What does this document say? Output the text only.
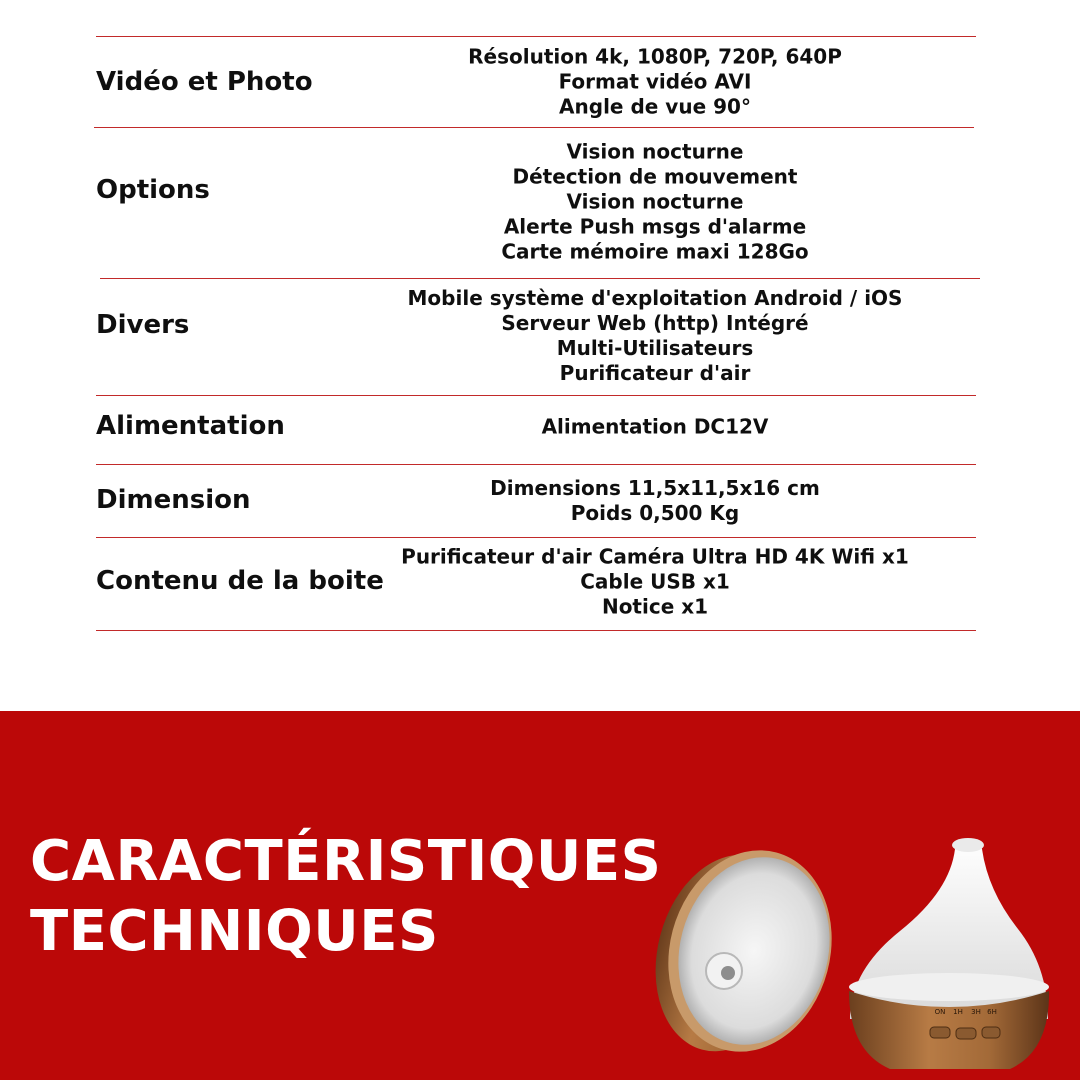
Vidéo et Photo
Résolution 4k, 1080P, 720P, 640P
Format vidéo AVI
Angle de vue 90°
Options
Vision nocturne
Détection de mouvement
Vision nocturne
Alerte Push msgs d'alarme
Carte mémoire maxi 128Go
Divers
Mobile système d'exploitation Android / iOS
Serveur Web (http) Intégré
Multi-Utilisateurs
Purificateur d'air
Alimentation	Alimentation DC12V
Dimension	Dimensions 11,5x11,5x16 cm
Poids 0,500 Kg
Contenu de la boite
Purificateur d'air Caméra Ultra HD 4K Wifi x1
Cable USB x1
Notice x1
CARACTÉRISTIQUES
TECHNIQUES
ON 1H 3H 6H
